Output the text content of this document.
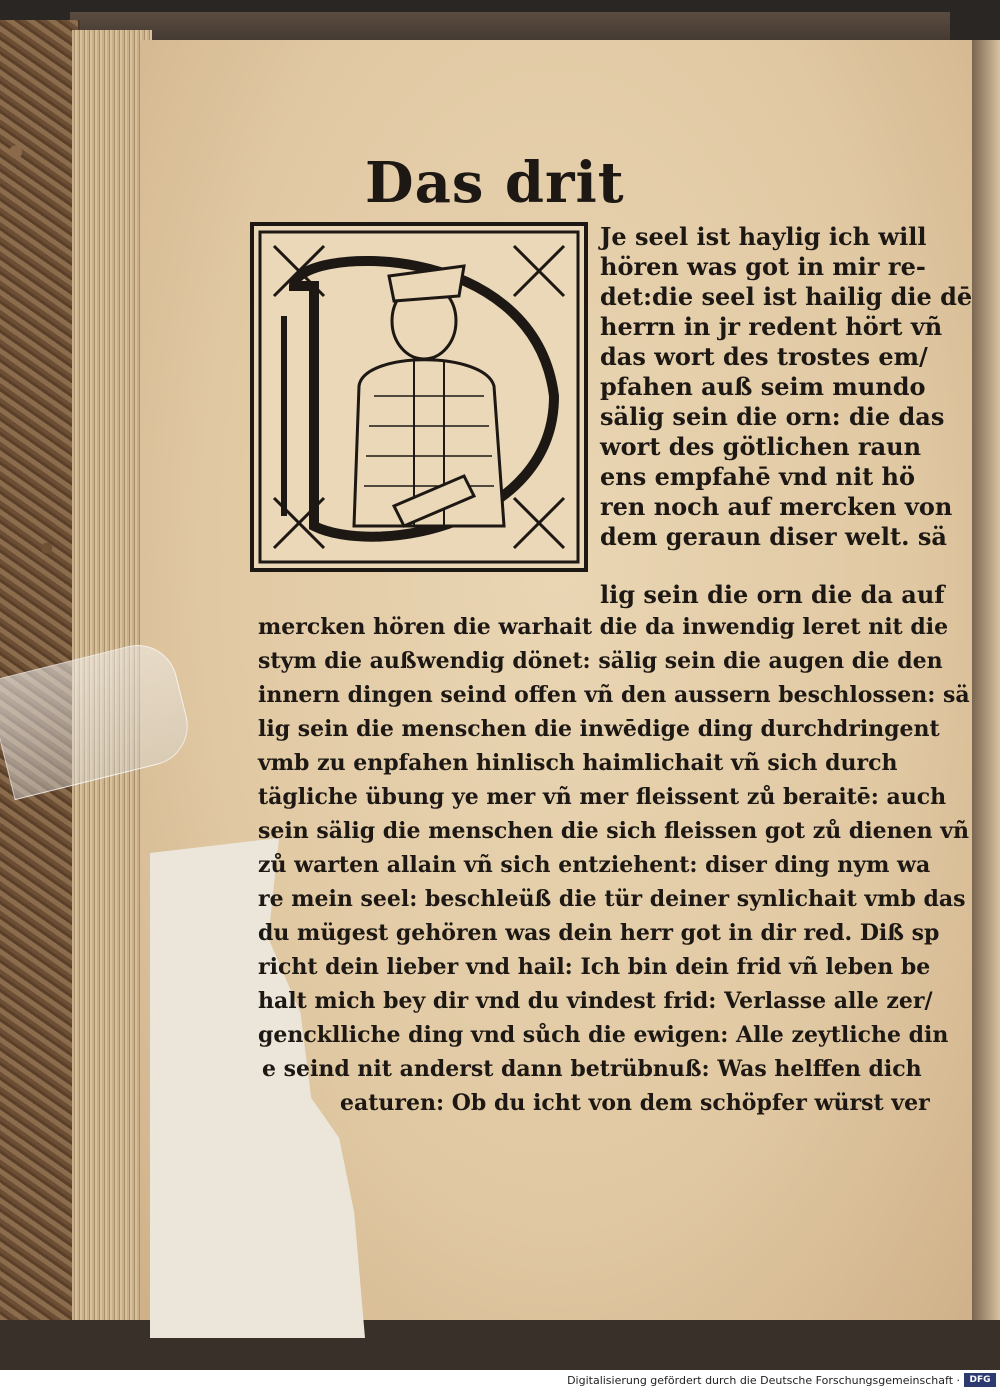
Das drit
Je seel ist haylig ich will
hören was got in mir re-
det:die seel ist hailig die dē
herrn in jr redent hört vñ
das wort des trostes em/
pfahen auß seim mundo
sälig sein die orn: die das
wort des götlichen raun
ens empfahē vnd nit hö
ren noch auf mercken von
dem geraun diser welt. sä
lig sein die orn die da auf
mercken hören die warhait die da inwendig leret nit die
stym die außwendig dönet: sälig sein die augen die den
innern dingen seind offen vñ den aussern beschlossen: sä
lig sein die menschen die inwēdige ding durchdringent
vmb zu enpfahen hinlisch haimlichait vñ sich durch
tägliche übung ye mer vñ mer fleissent zů beraitē: auch
sein sälig die menschen die sich fleissen got zů dienen vñ
zů warten allain vñ sich entziehent: diser ding nym wa
re mein seel: beschleüß die tür deiner synlichait vmb das
du mügest gehören was dein herr got in dir red. Diß sp
richt dein lieber vnd hail: Ich bin dein frid vñ leben be
halt mich bey dir vnd du vindest frid: Verlasse alle zer/
gencklliche ding vnd sůch die ewigen: Alle zeytliche din
e seind nit anderst dann betrübnuß: Was helffen dich
eaturen: Ob du icht von dem schöpfer würst ver
Digitalisierung gefördert durch die Deutsche Forschungsgemeinschaft ·	DFG
